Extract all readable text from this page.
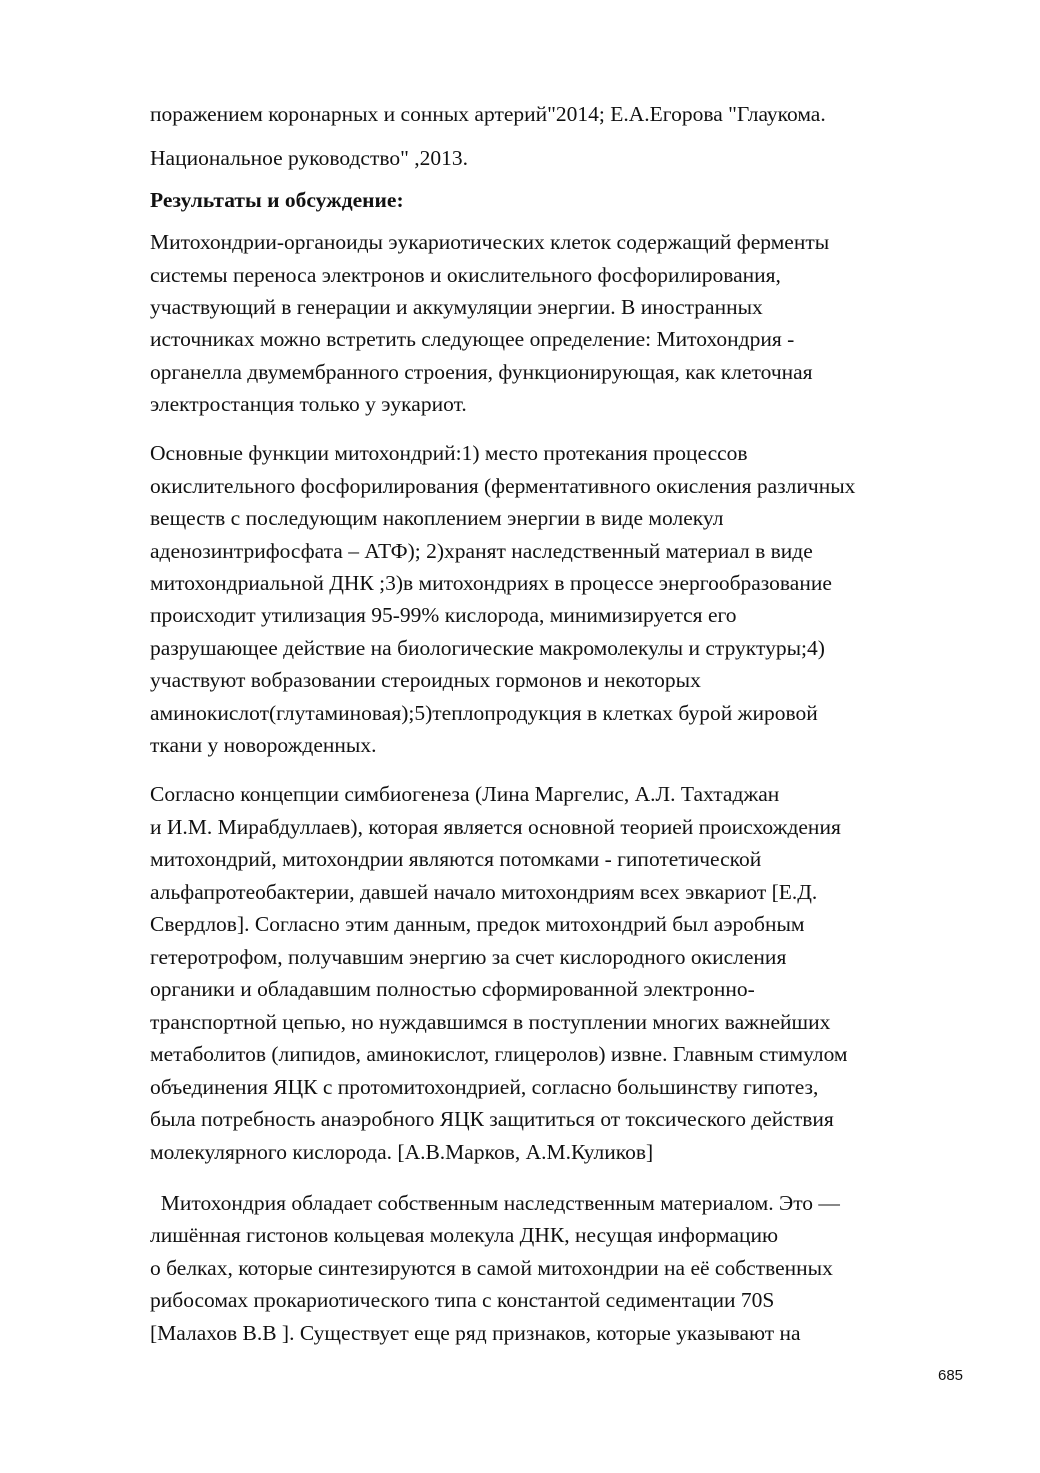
поражением коронарных и сонных артерий"2014; Е.А.Егорова "Глаукома.
Национальное руководство" ,2013.
Результаты и обсуждение:
Митохондрии-органоиды эукариотических клеток содержащий ферменты
системы переноса электронов и окислительного фосфорилирования,
участвующий в генерации и аккумуляции энергии. В иностранных
источниках можно встретить следующее определение: Митохондрия -
органелла двумембранного строения, функционирующая, как клеточная
электростанция только у эукариот.
Основные функции митохондрий:1) место протекания процессов
окислительного фосфорилирования (ферментативного окисления различных
веществ с последующим накоплением энергии в виде молекул
аденозинтрифосфата – АТФ); 2)хранят наследственный материал в виде
митохондриальной ДНК ;3)в митохондриях в процессе энергообразование
происходит утилизация 95-99% кислорода, минимизируется его
разрушающее действие на биологические макромолекулы и структуры;4)
участвуют вобразовании стероидных гормонов и некоторых
аминокислот(глутаминовая);5)теплопродукция в клетках бурой жировой
ткани у новорожденных.
Согласно концепции симбиогенеза (Лина Маргелис, А.Л. Тахтаджан
и И.М. Мирабдуллаев), которая является основной теорией происхождения
митохондрий, митохондрии являются потомками - гипотетической
альфапротеобактерии, давшей начало митохондриям всех эвкариот [Е.Д.
Свердлов]. Согласно этим данным, предок митохондрий был аэробным
гетеротрофом, получавшим энергию за счет кислородного окисления
органики и обладавшим полностью сформированной электронно-
транспортной цепью, но нуждавшимся в поступлении многих важнейших
метаболитов (липидов, аминокислот, глицеролов) извне. Главным стимулом
объединения ЯЦК с протомитохондрией, согласно большинству гипотез,
была потребность анаэробного ЯЦК защититься от токсического действия
молекулярного кислорода. [А.В.Марков, А.М.Куликов]
Митохондрия обладает собственным наследственным материалом. Это —
лишённая гистонов кольцевая молекула ДНК, несущая информацию
о белках, которые синтезируются в самой митохондрии на её собственных
рибосомах прокариотического типа с константой седиментации 70S
[Малахов В.В ]. Существует еще ряд признаков, которые указывают на
685
